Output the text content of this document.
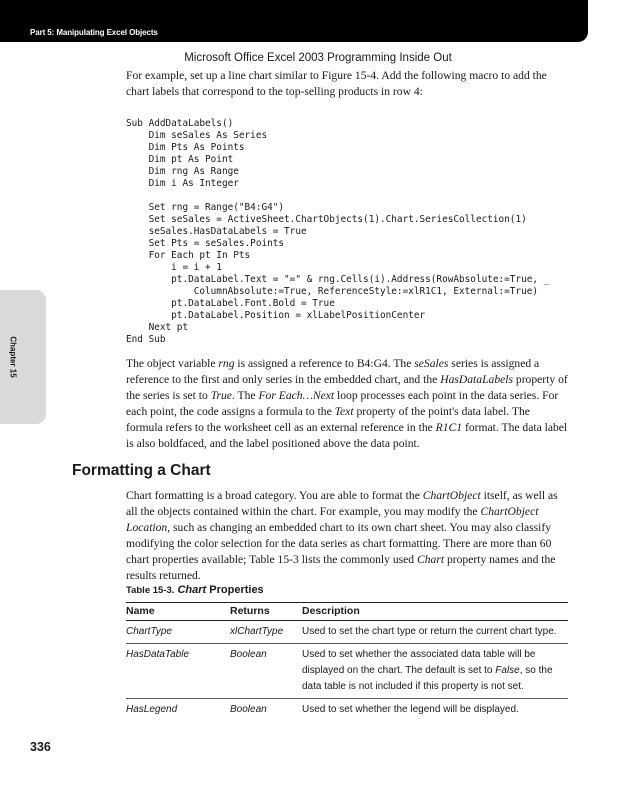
Part 5: Manipulating Excel Objects
Microsoft Office Excel 2003 Programming Inside Out
Chapter 15

For example, set up a line chart similar to Figure 15-4. Add the following macro to add the chart labels that correspond to the top-selling products in row 4:

Sub AddDataLabels()
Dim seSales As Series
Dim Pts As Points
Dim pt As Point
Dim rng As Range
Dim i As Integer

Set rng = Range("B4:G4")
Set seSales = ActiveSheet.ChartObjects(1).Chart.SeriesCollection(1)
seSales.HasDataLabels = True
Set Pts = seSales.Points
For Each pt In Pts
i = i + 1
pt.DataLabel.Text = "=" & rng.Cells(i).Address(RowAbsolute:=True, _
ColumnAbsolute:=True, ReferenceStyle:=xlR1C1, External:=True)
pt.DataLabel.Font.Bold = True
pt.DataLabel.Position = xlLabelPositionCenter
Next pt
End Sub

The object variable rng is assigned a reference to B4:G4. The seSales series is assigned a reference to the first and only series in the embedded chart, and the HasDataLabels property of the series is set to True. The For Each…Next loop processes each point in the data series. For each point, the code assigns a formula to the Text property of the point's data label. The formula refers to the worksheet cell as an external reference in the R1C1 format. The data label is also boldfaced, and the label positioned above the data point.

Formatting a Chart

Chart formatting is a broad category. You are able to format the ChartObject itself, as well as all the objects contained within the chart. For example, you may modify the ChartObject Location, such as changing an embedded chart to its own chart sheet. You may also classify modifying the color selection for the data series as chart formatting. There are more than 60 chart properties available; Table 15-3 lists the commonly used Chart property names and the results returned.

Table 15-3. Chart Properties
Name	Returns	Description
ChartType	xlChartType	Used to set the chart type or return the current chart type.
HasDataTable	Boolean	Used to set whether the associated data table will be displayed on the chart. The default is set to False, so the data table is not included if this property is not set.
HasLegend	Boolean	Used to set whether the legend will be displayed.
336
